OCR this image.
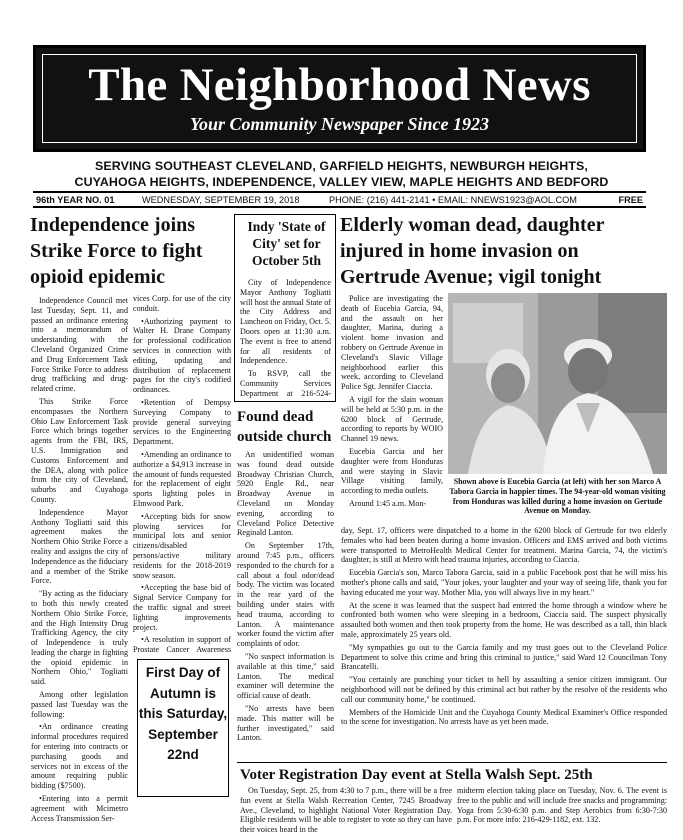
The Neighborhood News
Your Community Newspaper Since 1923
SERVING SOUTHEAST CLEVELAND, GARFIELD HEIGHTS, NEWBURGH HEIGHTS,
CUYAHOGA HEIGHTS, INDEPENDENCE, VALLEY VIEW, MAPLE HEIGHTS AND BEDFORD
96th YEAR NO. 01	WEDNESDAY, SEPTEMBER 19, 2018	PHONE: (216) 441-2141 • EMAIL: NNEWS1923@AOL.COM	FREE
Independence joins Strike Force to fight opioid epidemic

Independence Council met last Tuesday, Sept. 11, and passed an ordinance entering into a memorandum of understanding with the Cleveland Organized Crime and Drug Enforcement Task Force Strike Force to address drug trafficking and drug-related crime.

This Strike Force encompasses the Northern Ohio Law Enforcement Task Force which brings together agents from the FBI, IRS, U.S. Immigration and Customs Enforcement and the DEA, along with police from the city of Cleveland, suburbs and Cuyahoga County.

Independence Mayor Anthony Togliatti said this agreement makes the Northern Ohio Strike Force a reality and assigns the city of Independence as the fiduciary and a member of the Strike Force.

"By acting as the fiduciary to both this newly created Northern Ohio Strike Force, and the High Intensity Drug Trafficking Agency, the city of Independence is truly leading the charge in fighting the opioid epidemic in Northern Ohio," Togliatti said.

Among other legislation passed last Tuesday was the following:

•An ordinance creating informal procedures required for entering into contracts or purchasing goods and services not in excess of the amount requiring public bidding ($7500).

•Entering into a permit agreement with Mcimetro Access Transmission Ser-

vices Corp. for use of the city conduit.

•Authorizing payment to Walter H. Drane Company for professional codification services in connection with editing, updating and distribution of replacement pages for the city's codified ordinances.

•Retention of Dempsy Surveying Company to provide general surveying services to the Engineering Department.

•Amending an ordinance to authorize a $4,913 increase in the amount of funds requested for the replacement of eight sports lighting poles in Elmwood Park.

•Accepting bids for snow plowing services for municipal lots and senior citizens/disabled persons/active military residents for the 2018-2019 snow season.

•Accepting the base bid of Signal Service Company for the traffic signal and street lighting improvements project.

•A resolution in support of Prostate Cancer Awareness

First Day of Autumn is this Saturday, September 22nd
Indy 'State of City' set for October 5th

City of Independence Mayor Anthony Togliatti will host the annual State of the City Address and Luncheon on Friday, Oct. 5. Doors open at 11:30 a.m. The event is free to attend for all residents of Independence.

To RSVP, call the Community Services Department at 216-524-

Found dead outside church

An unidentified woman was found dead outside Broadway Christian Church, 5920 Engle Rd., near Broadway Avenue in Cleveland on Monday evening, according to Cleveland Police Detective Reginald Lanton.

On September 17th, around 7:45 p.m., officers responded to the church for a call about a foul odor/dead body. The victim was located in the rear yard of the building under stairs with head trauma, according to Lanton. A maintenance worker found the victim after complaints of odor.

"No suspect information is available at this time," said Lanton. The medical examiner will determine the official cause of death.

"No arrests have been made. This matter will be further investigated," said Lanton.

Elderly woman dead, daughter injured in home invasion on Gertrude Avenue; vigil tonight

Police are investigating the death of Eucebia Garcia, 94, and the assault on her daughter, Marina, during a violent home invasion and robbery on Gertrude Avenue in Cleveland's Slavic Village neighborhood earlier this week, according to Cleveland Police Sgt. Jennifer Ciaccia.

A vigil for the slain woman will be held at 5:30 p.m. in the 6200 block of Gertrude, according to reports by WOIO Channel 19 news.

Eucebia Garcia and her daughter were from Honduras and were staying in Slavic Village visiting family, according to media outlets.

Around 1:45 a.m. Mon-

Shown above is Eucebia Garcia (at left) with her son Marco A Tabora Garcia in happier times. The 94-year-old woman visiting from Honduras was killed during a home invasion on Gertude Avenue on Monday.

day, Sept. 17, officers were dispatched to a home in the 6200 block of Gertrude for two elderly females who had been beaten during a home invasion. Officers and EMS arrived and both victims were transported to MetroHealth Medical Center for treatment. Marina Garcia, 74, the victim's daughter, is still at Metro with head trauma injuries, according to Ciaccia.

Eucebia Garcia's son, Marco Tabora Garcia, said in a public Facebook post that he will miss his mother's phone calls and said, "Your jokes, your laughter and your way of seeing life, thank you for having educated me your way. Mother Mia, you will always live in my heart."

At the scene it was learned that the suspect had entered the home through a window where he confronted both women who were sleeping in a bedroom, Ciaccia said. The suspect physically assaulted both women and then took property from the home. He was described as a tall, thin black male, approximately 25 years old.

"My sympathies go out to the Garcia family and my trust goes out to the Cleveland Police Department to solve this crime and bring this criminal to justice," said Ward 12 Councilman Tony Brancatelli.

"You certainly are punching your ticket to hell by assaulting a senior citizen immigrant. Our neighborhood will not be defined by this criminal act but rather by the resolve of the residents who call our community home," he continued.

Members of the Homicide Unit and the Cuyahoga County Medical Examiner's Office responded to the scene for investigation. No arrests have as yet been made.

Voter Registration Day event at Stella Walsh Sept. 25th

On Tuesday, Sept. 25, from 4:30 to 7 p.m., there will be a free fun event at Stella Walsh Recreation Center, 7245 Broadway Ave., Cleveland, to highlight National Voter Registration Day. Eligible residents will be able to register to vote so they can have their voices heard in the

midterm election taking place on Tuesday, Nov. 6. The event is free to the public and will include free snacks and programming: Yoga from 5:30-6:30 p.m. and Step Aerobics from 6:30-7:30 p.m. For more info: 216-429-1182, ext. 132.
